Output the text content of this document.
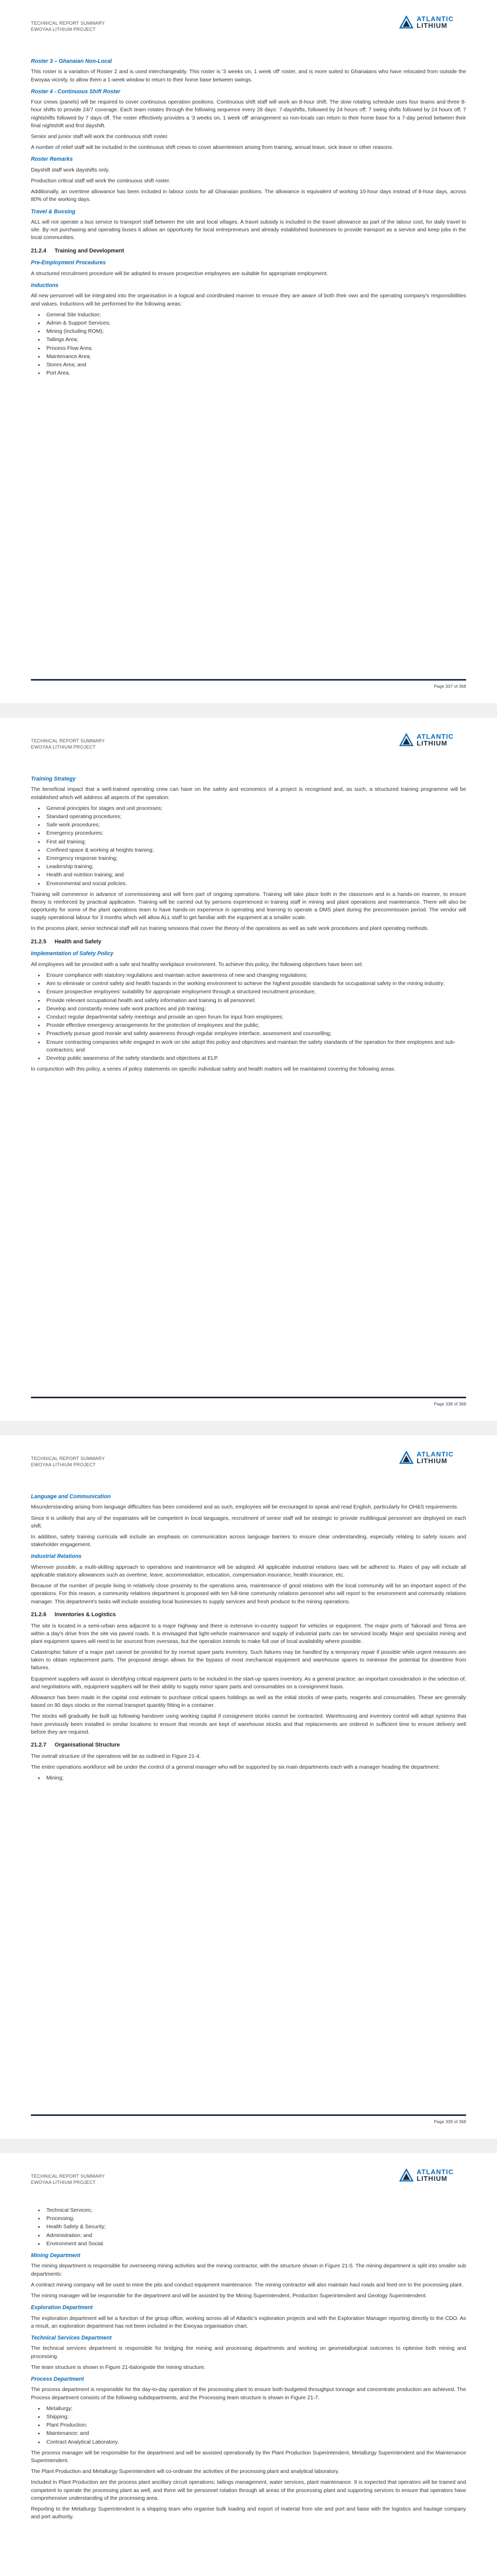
TECHNICAL REPORT SUMMARY
EWOYAA LITHIUM PROJECT
ATLANTIC
LITHIUM
Roster 3 – Ghanaian Non-Local

This roster is a variation of Roster 2 and is used interchangeably. This roster is '3 weeks on, 1 week off' roster, and is more suited to Ghanaians who have relocated from outside the Ewoyaa vicinity, to allow them a 1-week window to return to their home base between swings.

Roster 4 - Continuous Shift Roster

Four crews (panels) will be required to cover continuous operation positions. Continuous shift staff will work an 8-hour shift. The slow rotating schedule uses four teams and three 8-hour shifts to provide 24/7 coverage. Each team rotates through the following sequence every 28 days: 7-dayshifts, followed by 24 hours off; 7 swing shifts followed by 24 hours off; 7 nightshifts followed by 7 days off. The roster effectively provides a '3 weeks on, 1 week off' arrangement so non-locals can return to their home base for a 7-day period between their final nightshift and first dayshift.

Senior and junior staff will work the continuous shift roster.

A number of relief staff will be included in the continuous shift crews to cover absenteeism arising from training, annual leave, sick leave or other reasons.

Roster Remarks

Dayshift staff work dayshifts only.

Production critical staff will work the continuous shift roster.

Additionally, an overtime allowance has been included in labour costs for all Ghanaian positions. The allowance is equivalent of working 10-hour days instead of 8-hour days, across 80% of the working days.

Travel & Bussing

ALL will not operate a bus service to transport staff between the site and local villages. A travel subsidy is included in the travel allowance as part of the labour cost, for daily travel to site. By not purchasing and operating buses it allows an opportunity for local entrepreneurs and already established businesses to provide transport as a service and keep jobs in the local communities.

21.2.4 Training and Development
Pre-Employment Procedures

A structured recruitment procedure will be adopted to ensure prospective employees are suitable for appropriate employment.

Inductions

All new personnel will be integrated into the organisation in a logical and coordinated manner to ensure they are aware of both their own and the operating company's responsibilities and values. Inductions will be performed for the following areas:

• General Site Induction;
• Admin & Support Services;
• Mining (including ROM);
• Tailings Area;
• Process Flow Area;
• Maintenance Area;
• Stores Area; and
• Port Area.
Page 337 of 368
TECHNICAL REPORT SUMMARY
EWOYAA LITHIUM PROJECT
ATLANTIC
LITHIUM
Training Strategy

The beneficial impact that a well-trained operating crew can have on the safety and economics of a project is recognised and, as such, a structured training programme will be established which will address all aspects of the operation:

• General principles for stages and unit processes;
• Standard operating procedures;
• Safe work procedures;
• Emergency procedures;
• First aid training;
• Confined space & working at heights training;
• Emergency response training;
• Leadership training;
• Health and nutrition training; and
• Environmental and social policies.

Training will commence in advance of commissioning and will form part of ongoing operations. Training will take place both in the classroom and in a hands-on manner, to ensure theory is reinforced by practical application. Training will be carried out by persons experienced in training staff in mining and plant operations and maintenance. There will also be opportunity for some of the plant operations team to have hands-on experience in operating and learning to operate a DMS plant during the precommission period. The vendor will supply operational labour for 3 months which will allow ALL staff to get familiar with the equipment at a smaller scale.

In the process plant, senior technical staff will run training sessions that cover the theory of the operations as well as safe work procedures and plant operating methods.

21.2.5 Health and Safety
Implementation of Safety Policy

All employees will be provided with a safe and healthy workplace environment. To achieve this policy, the following objectives have been set:

• Ensure compliance with statutory regulations and maintain active awareness of new and changing regulations;
• Aim to eliminate or control safety and health hazards in the working environment to achieve the highest possible standards for occupational safety in the mining industry;
• Ensure prospective employees' suitability for appropriate employment through a structured recruitment procedure;
• Provide relevant occupational health and safety information and training to all personnel;
• Develop and constantly review safe work practices and job training;
• Conduct regular departmental safety meetings and provide an open forum for input from employees;
• Provide effective emergency arrangements for the protection of employees and the public;
• Proactively pursue good morale and safety awareness through regular employee interface, assessment and counselling;
• Ensure contracting companies while engaged in work on site adopt this policy and objectives and maintain the safety standards of the operation for their employees and sub-contractors; and
• Develop public awareness of the safety standards and objectives at ELP.

In conjunction with this policy, a series of policy statements on specific individual safety and health matters will be maintained covering the following areas.

Page 338 of 368
TECHNICAL REPORT SUMMARY
EWOYAA LITHIUM PROJECT
ATLANTIC
LITHIUM
Language and Communication

Misunderstanding arising from language difficulties has been considered and as such, employees will be encouraged to speak and read English, particularly for OH&S requirements.

Since it is unlikely that any of the expatriates will be competent in local languages, recruitment of senior staff will be strategic to provide multilingual personnel are deployed on each shift.

In addition, safety training curricula will include an emphasis on communication across language barriers to ensure clear understanding, especially relating to safety issues and stakeholder engagement.

Industrial Relations

Wherever possible, a multi-skilling approach to operations and maintenance will be adopted. All applicable industrial relations laws will be adhered to. Rates of pay will include all applicable statutory allowances such as overtime, leave, accommodation, education, compensation insurance, health insurance, etc.

Because of the number of people living in relatively close proximity to the operations area, maintenance of good relations with the local community will be an important aspect of the operations. For this reason, a community relations department is proposed with ten full-time community relations personnel who will report to the environment and community relations manager. This department's tasks will include assisting local businesses to supply services and fresh produce to the mining operations.

21.2.6 Inventories & Logistics

The site is located in a semi-urban area adjacent to a major highway and there is extensive in-country support for vehicles or equipment. The major ports of Takoradi and Tema are within a day's drive from the site via paved roads. It is envisaged that light-vehicle maintenance and supply of industrial parts can be serviced locally. Major and specialist mining and plant equipment spares will need to be sourced from overseas, but the operation intends to make full use of local availability where possible.

Catastrophic failure of a major part cannot be provided for by normal spare parts inventory. Such failures may be handled by a temporary repair if possible while urgent measures are taken to obtain replacement parts. The proposed design allows for the bypass of most mechanical equipment and warehouse spares to minimise the potential for downtime from failures.

Equipment suppliers will assist in identifying critical equipment parts to be included in the start-up spares inventory. As a general practice, an important consideration in the selection of, and negotiations with, equipment suppliers will be their ability to supply minor spare parts and consumables on a consignment basis.

Allowance has been made in the capital cost estimate to purchase critical spares holdings as well as the initial stocks of wear-parts, reagents and consumables. These are generally based on 90 days stocks or the normal transport quantity fitting in a container.

The stocks will gradually be built up following handover using working capital if consignment stocks cannot be contracted. Warehousing and inventory control will adopt systems that have previously been installed in similar locations to ensure that records are kept of warehouse stocks and that replacements are ordered in sufficient time to ensure delivery well before they are required.

21.2.7 Organisational Structure

The overall structure of the operations will be as outlined in Figure 21-4.

The entire operations workforce will be under the control of a general manager who will be supported by six main departments each with a manager heading the department:

• Mining;
Page 339 of 368
TECHNICAL REPORT SUMMARY
EWOYAA LITHIUM PROJECT
ATLANTIC
LITHIUM
• Technical Services;
• Processing;
• Health Safety & Security;
• Administration; and
• Environment and Social.
Mining Department

The mining department is responsible for overseeing mining activities and the mining contractor, with the structure shown in Figure 21-5. The mining department is split into smaller sub departments:

A contract mining company will be used to mine the pits and conduct equipment maintenance. The mining contractor will also maintain haul roads and feed ore to the processing plant.

The mining manager will be responsible for the department and will be assisted by the Mining Superintendent, Production Superintendent and Geology Superintendent.

Exploration Department

The exploration department will be a function of the group office, working across all of Atlantic's exploration projects and with the Exploration Manager reporting directly to the CDO. As a result, an exploration department has not been included in the Ewoyaa organisation chart.

Technical Services Department

The technical services department is responsible for bridging the mining and processing departments and working on geometallurgical outcomes to optimise both mining and processing.

The team structure is shown in Figure 21-6alongside the mining structure.

Process Department

The process department is responsible for the day-to-day operation of the processing plant to ensure both budgeted throughput tonnage and concentrate production are achieved. The Process department consists of the following subdepartments, and the Processing team structure is shown in Figure 21-7.

• Metallurgy;
• Shipping;
• Plant Production;
• Maintenance; and
• Contract Analytical Laboratory.

The process manager will be responsible for the department and will be assisted operationally by the Plant Production Superintendent, Metallurgy Superintendent and the Maintenance Superintendent.

The Plant Production and Metallurgy Superintendent will co-ordinate the activities of the processing plant and analytical laboratory.

Included in Plant Production are the process plant ancillary circuit operations; tailings management, water services, plant maintenance. It is expected that operators will be trained and competent to operate the processing plant as well, and there will be personnel rotation through all areas of the processing plant and supporting services to ensure that operators have comprehensive understanding of the processing area.

Reporting to the Metallurgy Superintendent is a shipping team who organise bulk loading and export of material from site and port and liaise with the logistics and haulage company and port authority.
